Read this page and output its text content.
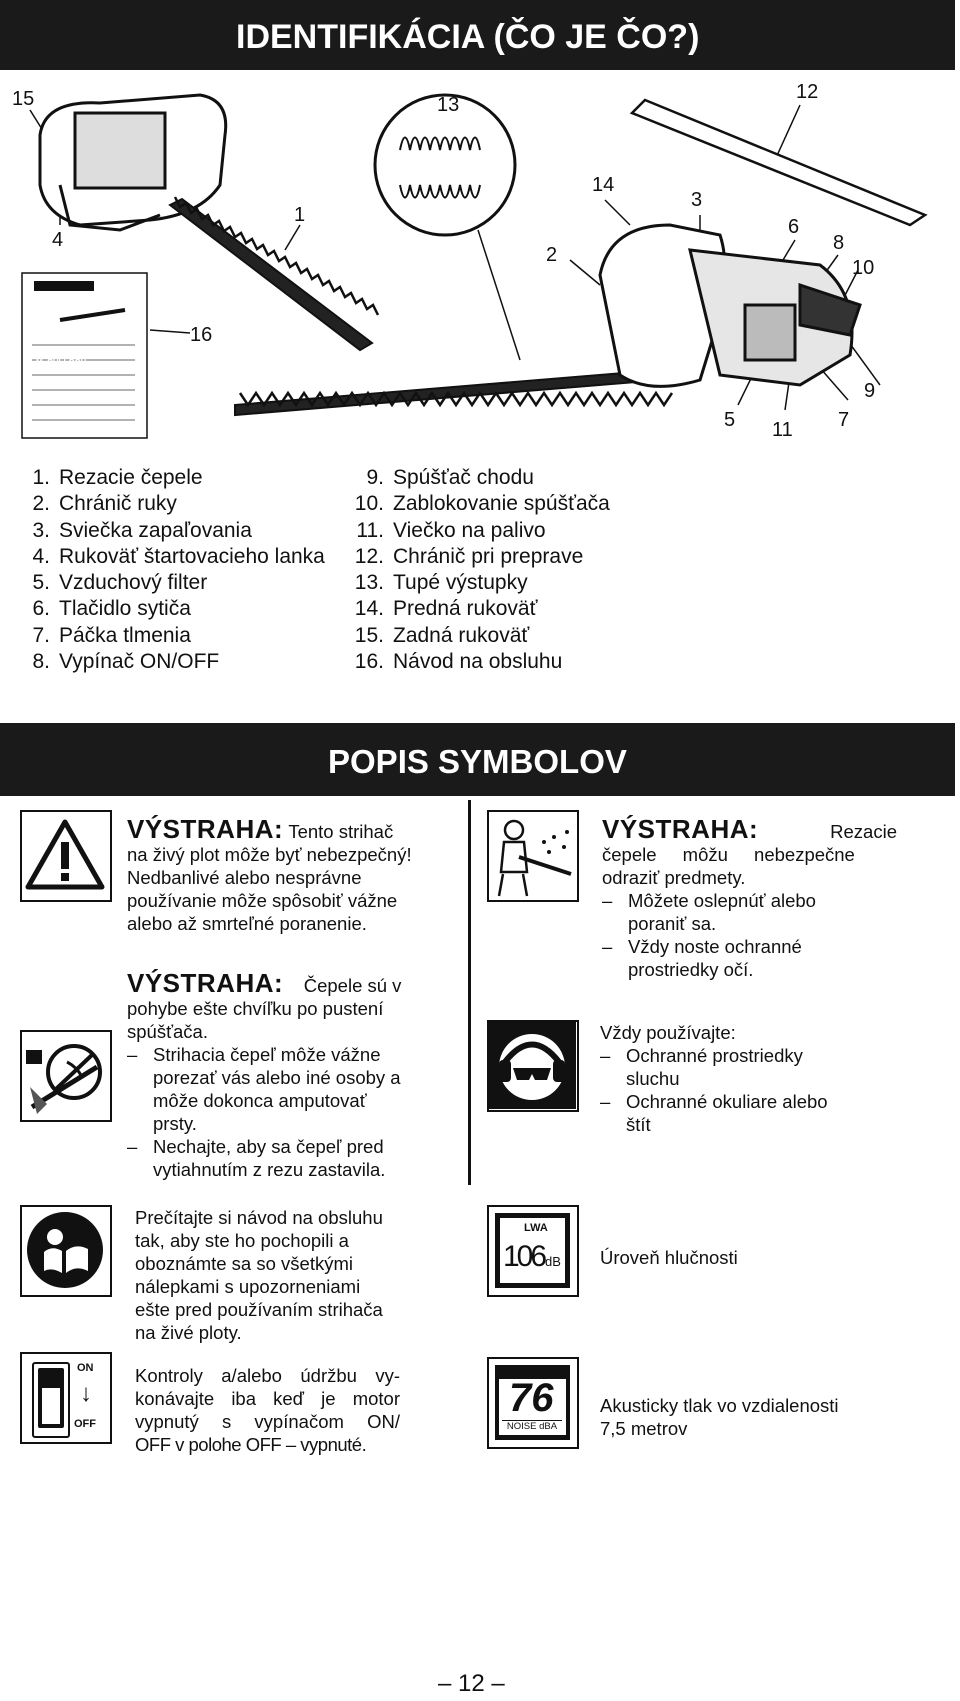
IDENTIFIKÁCIA (ČO JE ČO?)
McCULLOCH
15	13
12
14
3
1
6
8
10
2
4
16
9
5 11 7
1. Rezacie čepele
2. Chránič ruky
3. Sviečka zapaľovania
4. Rukoväť štartovacieho lanka
5. Vzduchový filter
6. Tlačidlo sytiča
7. Páčka tlmenia
8. Vypínač ON/OFF
9. Spúšťač chodu
10. Zablokovanie spúšťača
11. Viečko na palivo
12. Chránič pri preprave
13. Tupé výstupky
14. Predná rukoväť
15. Zadná rukoväť
16. Návod na obsluhu
POPIS SYMBOLOV
VÝSTRAHA: Tento strihač
na živý plot môže byť nebezpečný!
Nedbanlivé alebo nesprávne
používanie môže spôsobiť vážne
alebo až smrteľné poranenie.
VÝSTRAHA: Čepele sú v
pohybe ešte chvíľku po pustení
spúšťača.
– Strihacia čepeľ môže vážne
porezať vás alebo iné osoby a
môže dokonca amputovať
prsty.
– Nechajte, aby sa čepeľ pred
vytiahnutím z rezu zastavila.
VÝSTRAHA:	Rezacie
čepele môžu nebezpečne
odraziť predmety.
– Môžete oslepnúť alebo
poraniť sa.
– Vždy noste ochranné
prostriedky očí.
Vždy používajte:
– Ochranné prostriedky
sluchu
– Ochranné okuliare alebo
štít
Prečítajte si návod na obsluhu
tak, aby ste ho pochopili a
oboznámte sa so všetkými
nálepkami s upozorneniami
ešte pred používaním strihača
na živé ploty.
LWA
106 dB Úroveň hlučnosti
ON
↓
OFF
Kontroly a/alebo údržbu vy-
konávajte iba keď je motor
vypnutý s vypínačom ON/
OFF v polohe OFF – vypnuté.
76
NOISE dBA
Akusticky tlak vo vzdialenosti
7,5 metrov
– 12 –
